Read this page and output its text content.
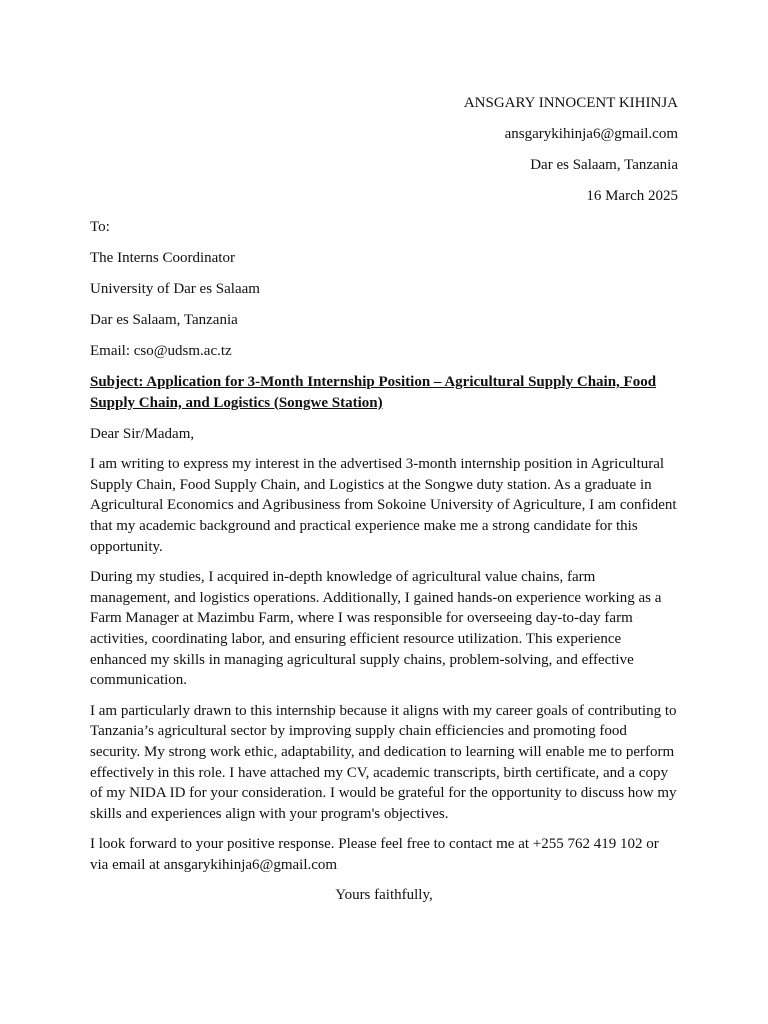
ANSGARY INNOCENT KIHINJA
ansgarykihinja6@gmail.com
Dar es Salaam, Tanzania
16 March 2025

To:

The Interns Coordinator

University of Dar es Salaam

Dar es Salaam, Tanzania

Email: cso@udsm.ac.tz

Subject: Application for 3-Month Internship Position – Agricultural Supply Chain, Food Supply Chain, and Logistics (Songwe Station)

Dear Sir/Madam,

I am writing to express my interest in the advertised 3-month internship position in Agricultural Supply Chain, Food Supply Chain, and Logistics at the Songwe duty station. As a graduate in Agricultural Economics and Agribusiness from Sokoine University of Agriculture, I am confident that my academic background and practical experience make me a strong candidate for this opportunity.

During my studies, I acquired in-depth knowledge of agricultural value chains, farm management, and logistics operations. Additionally, I gained hands-on experience working as a Farm Manager at Mazimbu Farm, where I was responsible for overseeing day-to-day farm activities, coordinating labor, and ensuring efficient resource utilization. This experience enhanced my skills in managing agricultural supply chains, problem-solving, and effective communication.

I am particularly drawn to this internship because it aligns with my career goals of contributing to Tanzania’s agricultural sector by improving supply chain efficiencies and promoting food security. My strong work ethic, adaptability, and dedication to learning will enable me to perform effectively in this role. I have attached my CV, academic transcripts, birth certificate, and a copy of my NIDA ID for your consideration. I would be grateful for the opportunity to discuss how my skills and experiences align with your program's objectives.

I look forward to your positive response. Please feel free to contact me at +255 762 419 102 or via email at ansgarykihinja6@gmail.com

Yours faithfully,
